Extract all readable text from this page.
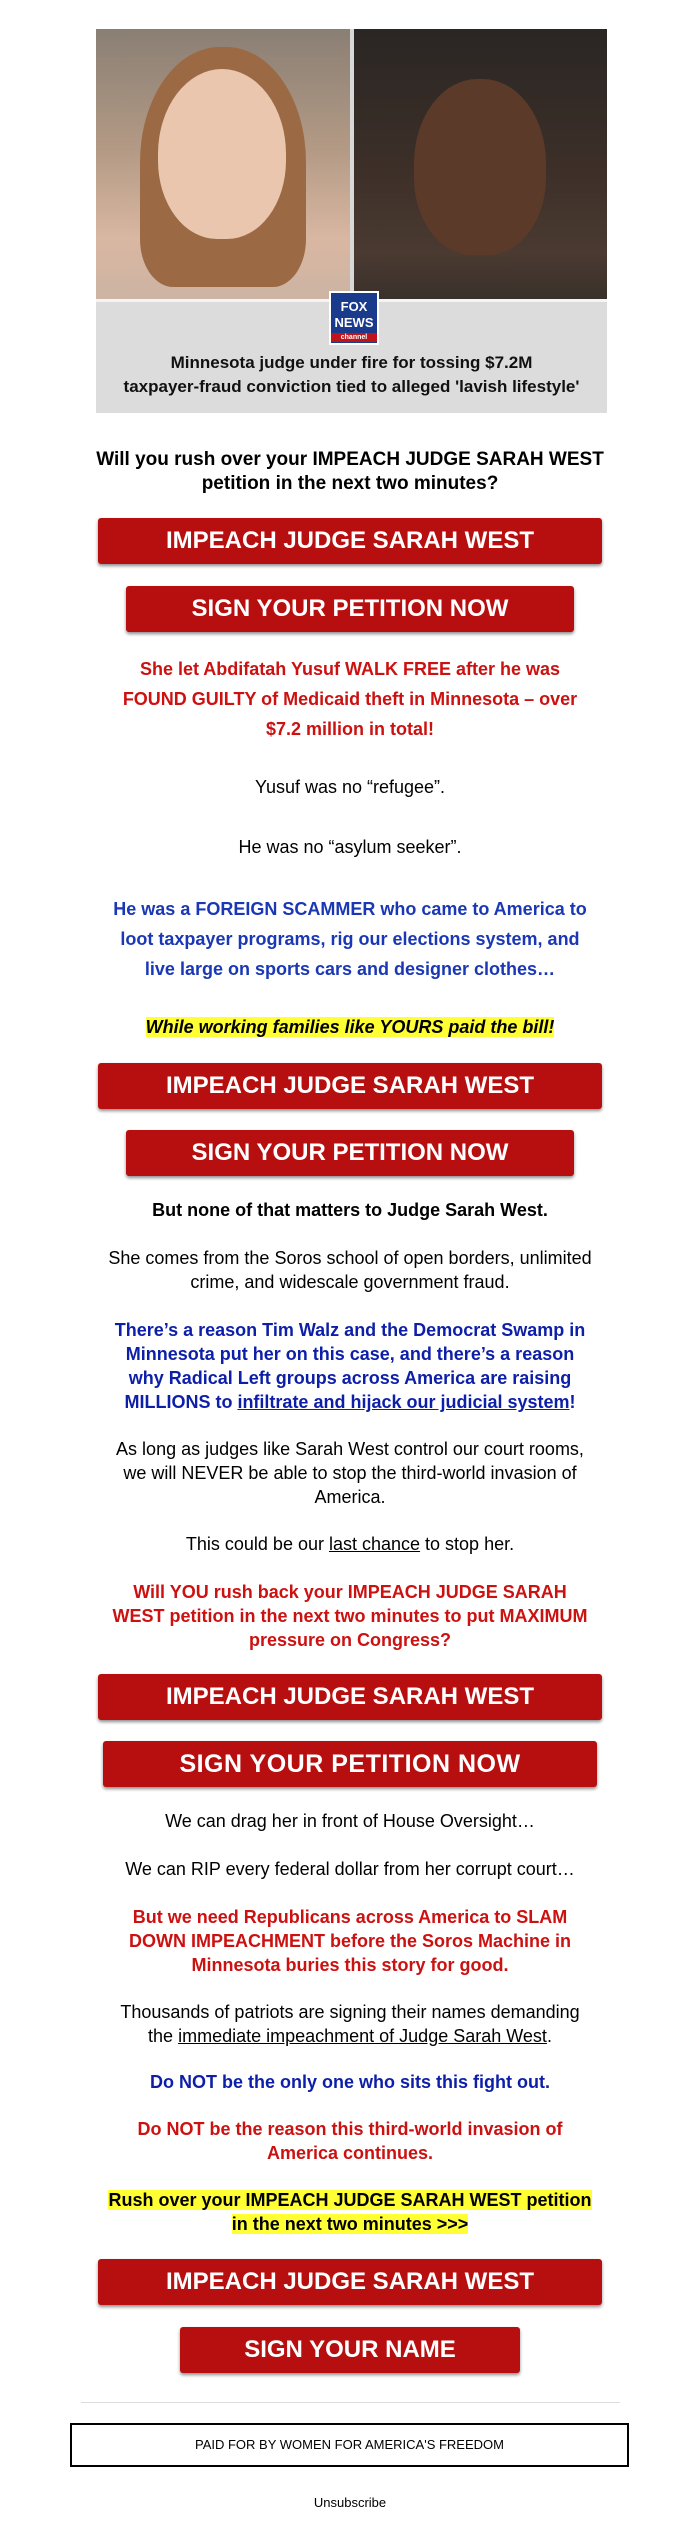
FOX
NEWS
channel
Minnesota judge under fire for tossing $7.2M
taxpayer-fraud conviction tied to alleged 'lavish lifestyle'
Will you rush over your IMPEACH JUDGE SARAH WEST
petition in the next two minutes?
IMPEACH JUDGE SARAH WEST
SIGN YOUR PETITION NOW
She let Abdifatah Yusuf WALK FREE after he was
FOUND GUILTY of Medicaid theft in Minnesota – over
$7.2 million in total!
Yusuf was no “refugee”.
He was no “asylum seeker”.
He was a FOREIGN SCAMMER who came to America to
loot taxpayer programs, rig our elections system, and
live large on sports cars and designer clothes…
While working families like YOURS paid the bill!
IMPEACH JUDGE SARAH WEST
SIGN YOUR PETITION NOW
But none of that matters to Judge Sarah West.
She comes from the Soros school of open borders, unlimited
crime, and widescale government fraud.
There’s a reason Tim Walz and the Democrat Swamp in
Minnesota put her on this case, and there’s a reason
why Radical Left groups across America are raising
MILLIONS to infiltrate and hijack our judicial system!
As long as judges like Sarah West control our court rooms,
we will NEVER be able to stop the third-world invasion of
America.
This could be our last chance to stop her.
Will YOU rush back your IMPEACH JUDGE SARAH
WEST petition in the next two minutes to put MAXIMUM
pressure on Congress?
IMPEACH JUDGE SARAH WEST
SIGN YOUR PETITION NOW
We can drag her in front of House Oversight…
We can RIP every federal dollar from her corrupt court…
But we need Republicans across America to SLAM
DOWN IMPEACHMENT before the Soros Machine in
Minnesota buries this story for good.
Thousands of patriots are signing their names demanding
the immediate impeachment of Judge Sarah West.
Do NOT be the only one who sits this fight out.
Do NOT be the reason this third-world invasion of
America continues.
Rush over your IMPEACH JUDGE SARAH WEST petition
in the next two minutes >>>
IMPEACH JUDGE SARAH WEST
SIGN YOUR NAME
PAID FOR BY WOMEN FOR AMERICA'S FREEDOM
Unsubscribe
